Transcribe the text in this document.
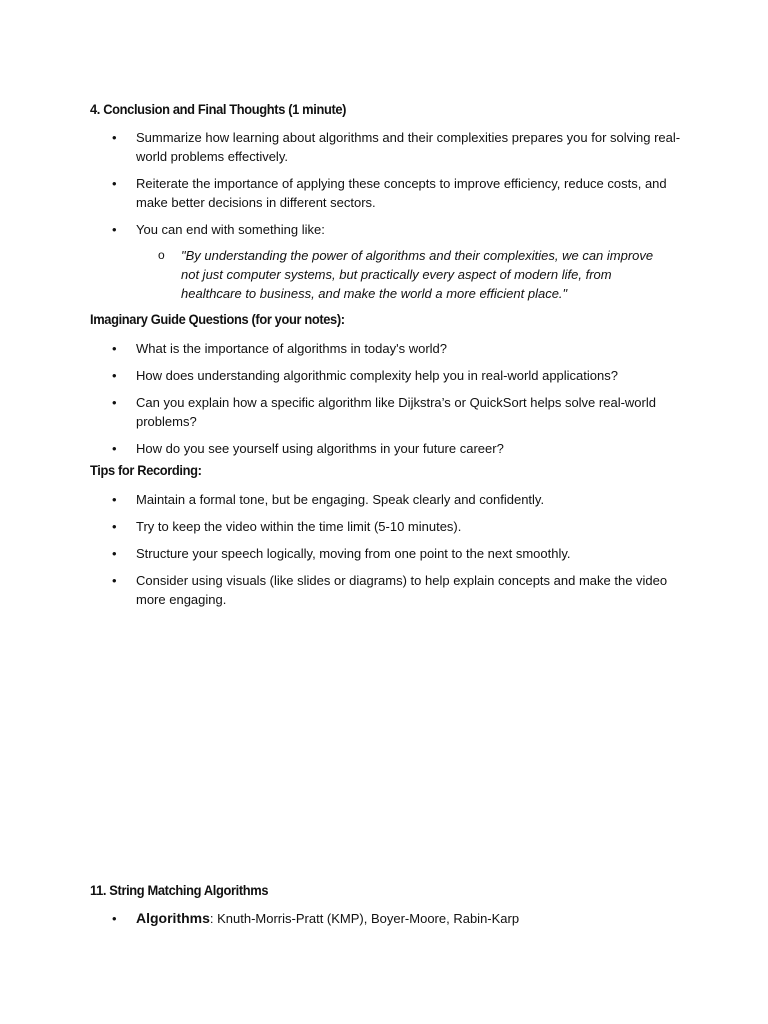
4. Conclusion and Final Thoughts (1 minute)
• Summarize how learning about algorithms and their complexities prepares you for solving real-world problems effectively.
• Reiterate the importance of applying these concepts to improve efficiency, reduce costs, and make better decisions in different sectors.
• You can end with something like:
o "By understanding the power of algorithms and their complexities, we can improve not just computer systems, but practically every aspect of modern life, from healthcare to business, and make the world a more efficient place."
Imaginary Guide Questions (for your notes):
• What is the importance of algorithms in today's world?
• How does understanding algorithmic complexity help you in real-world applications?
• Can you explain how a specific algorithm like Dijkstra’s or QuickSort helps solve real-world problems?
• How do you see yourself using algorithms in your future career?
Tips for Recording:
• Maintain a formal tone, but be engaging. Speak clearly and confidently.
• Try to keep the video within the time limit (5-10 minutes).
• Structure your speech logically, moving from one point to the next smoothly.
• Consider using visuals (like slides or diagrams) to help explain concepts and make the video more engaging.
11. String Matching Algorithms
• Algorithms: Knuth-Morris-Pratt (KMP), Boyer-Moore, Rabin-Karp
